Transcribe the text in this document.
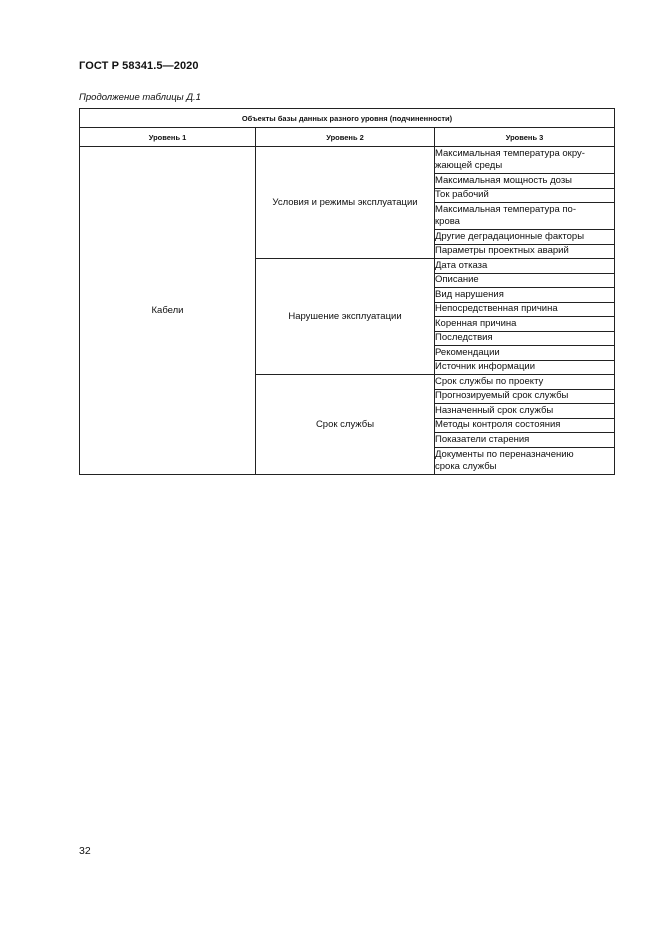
ГОСТ Р 58341.5—2020
Продолжение таблицы Д.1
Объекты базы данных разного уровня (подчиненности)		
Уровень 1	Уровень 2	Уровень 3
Кабели	Условия и режимы эксплуатации	Максимальная температура окру-
жающей среды
		Максимальная мощность дозы
		Ток рабочий
		Максимальная температура по-
крова
		Другие деградационные факторы
		Параметры проектных аварий
	Нарушение эксплуатации	Дата отказа
		Описание
		Вид нарушения
		Непосредственная причина
		Коренная причина
		Последствия
		Рекомендации
		Источник информации
	Срок службы	Срок службы по проекту
		Прогнозируемый срок службы
		Назначенный срок службы
		Методы контроля состояния
		Показатели старения
		Документы по переназначению
срока службы
32
